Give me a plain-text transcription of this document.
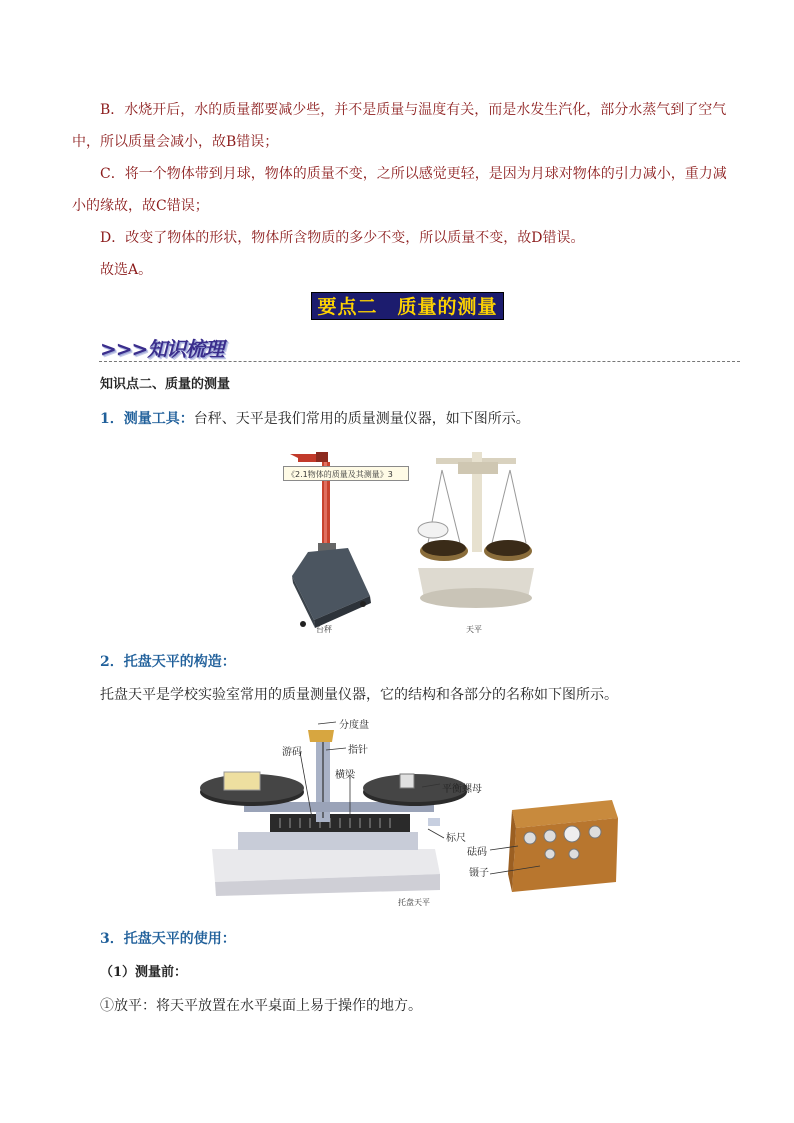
B．水烧开后，水的质量都要减少些，并不是质量与温度有关，而是水发生汽化，部分水蒸气到了空气
中，所以质量会减小，故B错误；
C．将一个物体带到月球，物体的质量不变，之所以感觉更轻，是因为月球对物体的引力减小，重力减
小的缘故，故C错误；
D．改变了物体的形状，物体所含物质的多少不变，所以质量不变，故D错误。
故选A。
要点二　质量的测量
>>>知识梳理
知识点二、质量的测量
1．测量工具：台秤、天平是我们常用的质量测量仪器，如下图所示。
《2.1物体的质量及其测量》3
台秤	天平
2．托盘天平的构造：
托盘天平是学校实验室常用的质量测量仪器，它的结构和各部分的名称如下图所示。
分度盘
游码	指针
横梁
平衡螺母
标尺
砝码
镊子
托盘天平
3．托盘天平的使用：
（1）测量前：
①放平：将天平放置在水平桌面上易于操作的地方。
